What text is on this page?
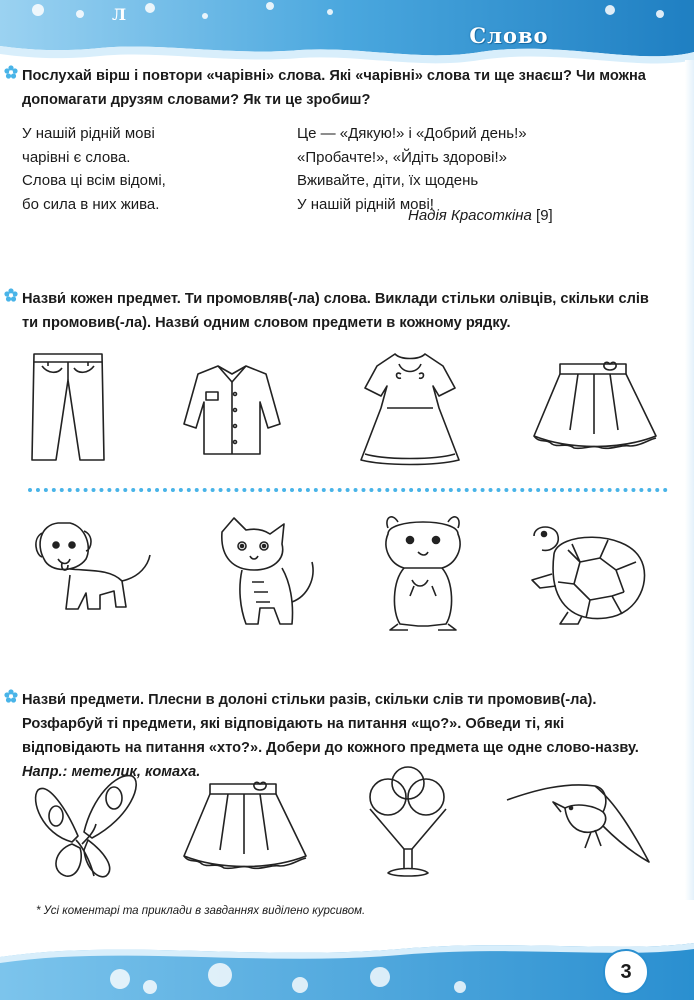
Л
Слово

Послухай вірш і повтори «чарівні» слова. Які «чарівні» слова ти ще знаєш? Чи можна допомагати друзям словами? Як ти це зробиш?

У нашій рідній мові
чарівні є слова.
Слова ці всім відомі,
бо сила в них жива.
Це — «Дякую!» і «Добрий день!»
«Пробачте!», «Йдіть здорові!»
Вживайте, діти, їх щодень
У нашій рідній мові!
Надія Красоткіна [9]

Назви́ кожен предмет. Ти промовляв(-ла) слова. Виклади стільки олівців, скільки слів ти промовив(-ла). Назви́ одним словом предмети в кожному рядку.

Назви́ предмети. Плесни в долоні стільки разів, скільки слів ти промовив(-ла). Розфарбуй ті предмети, які відповідають на питання «що?». Обведи ті, які відповідають на питання «хто?». Добери до кожного предмета ще одне слово-назву. Напр.: метелик, комаха.

* Усі коментарі та приклади в завданнях виділено курсивом.
3
